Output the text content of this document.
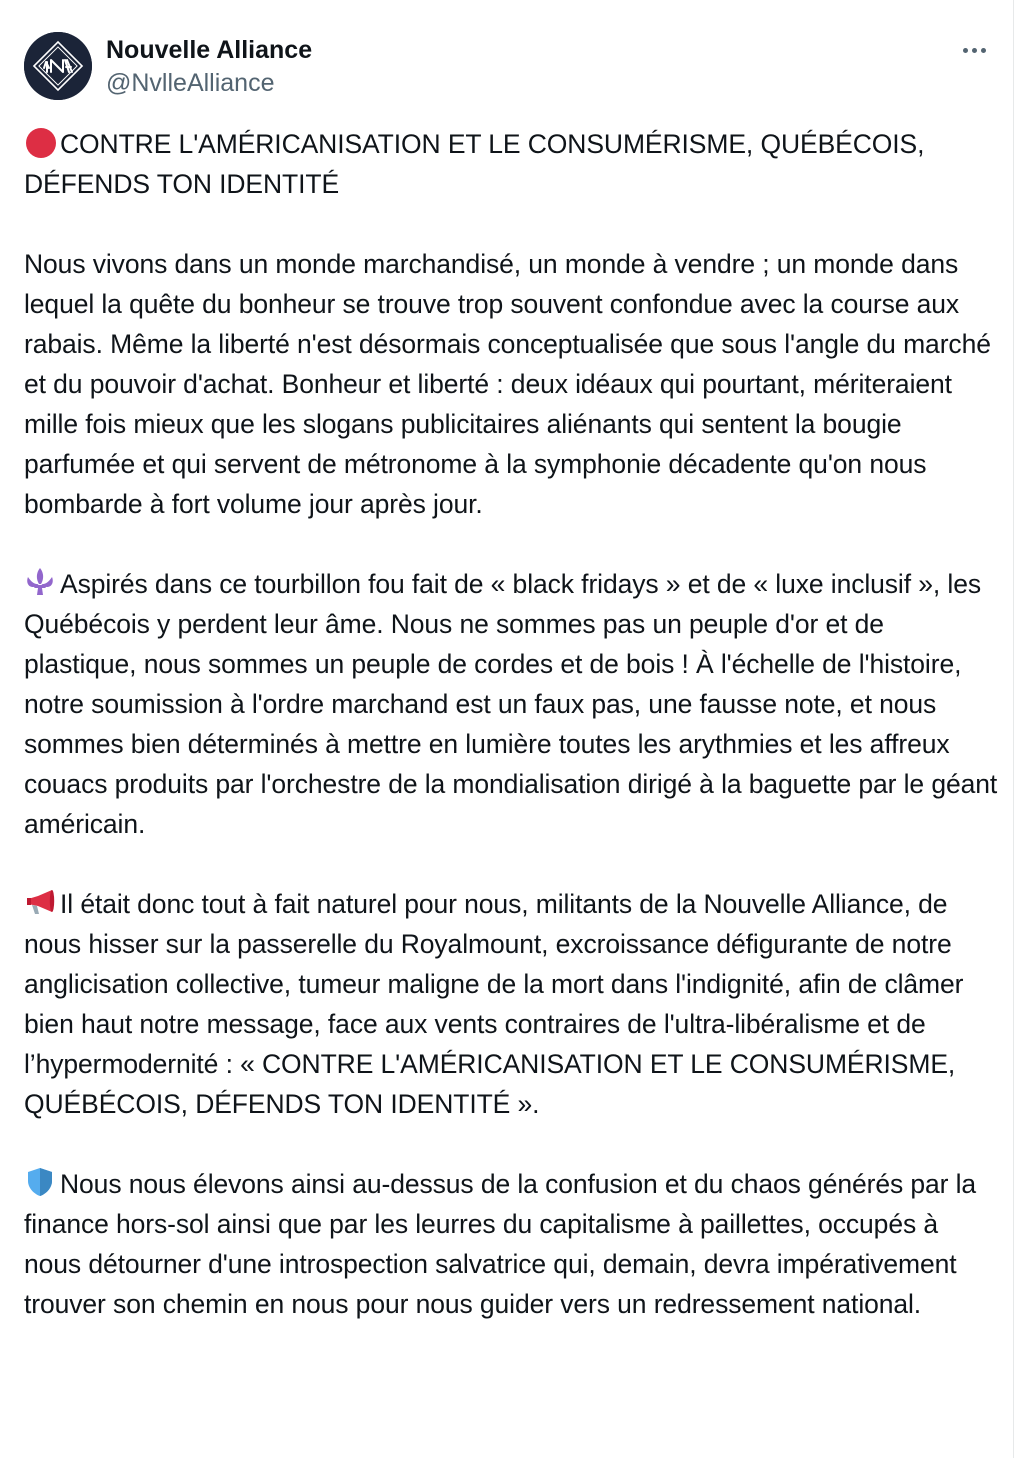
Nouvelle Alliance
@NvlleAlliance

CONTRE L'AMÉRICANISATION ET LE CONSUMÉRISME, QUÉBÉCOIS, DÉFENDS TON IDENTITÉ

Nous vivons dans un monde marchandisé, un monde à vendre ; un monde dans lequel la quête du bonheur se trouve trop souvent confondue avec la course aux rabais. Même la liberté n'est désormais conceptualisée que sous l'angle du marché et du pouvoir d'achat. Bonheur et liberté : deux idéaux qui pourtant, mériteraient mille fois mieux que les slogans publicitaires aliénants qui sentent la bougie parfumée et qui servent de métronome à la symphonie décadente qu'on nous bombarde à fort volume jour après jour.

Aspirés dans ce tourbillon fou fait de « black fridays » et de « luxe inclusif », les Québécois y perdent leur âme. Nous ne sommes pas un peuple d'or et de plastique, nous sommes un peuple de cordes et de bois ! À l'échelle de l'histoire, notre soumission à l'ordre marchand est un faux pas, une fausse note, et nous sommes bien déterminés à mettre en lumière toutes les arythmies et les affreux couacs produits par l'orchestre de la mondialisation dirigé à la baguette par le géant américain.

Il était donc tout à fait naturel pour nous, militants de la Nouvelle Alliance, de nous hisser sur la passerelle du Royalmount, excroissance défigurante de notre anglicisation collective, tumeur maligne de la mort dans l'indignité, afin de clâmer bien haut notre message, face aux vents contraires de l'ultra-libéralisme et de l’hypermodernité : « CONTRE L'AMÉRICANISATION ET LE CONSUMÉRISME, QUÉBÉCOIS, DÉFENDS TON IDENTITÉ ».

Nous nous élevons ainsi au-dessus de la confusion et du chaos générés par la finance hors-sol ainsi que par les leurres du capitalisme à paillettes, occupés à nous détourner d'une introspection salvatrice qui, demain, devra impérativement trouver son chemin en nous pour nous guider vers un redressement national.
